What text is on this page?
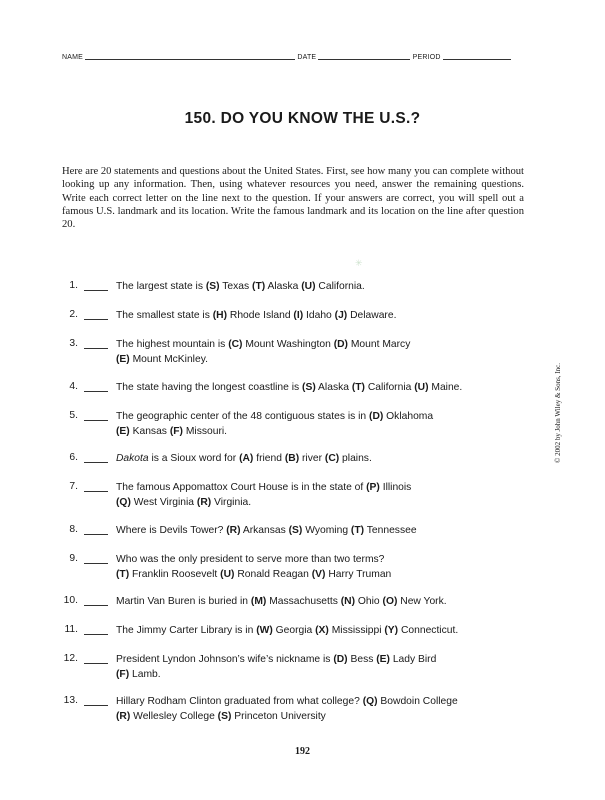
NAME	DATE	PERIOD
150. DO YOU KNOW THE U.S.?
Here are 20 statements and questions about the United States. First, see how many you can complete without looking up any information. Then, using whatever resources you need, answer the remaining questions. Write each correct letter on the line next to the question. If your answers are correct, you will spell out a famous U.S. landmark and its location. Write the famous landmark and its location on the line after question 20.
© 2002 by John Wiley & Sons, Inc.
✳
1.	The largest state is (S) Texas (T) Alaska (U) California.
2.	The smallest state is (H) Rhode Island (I) Idaho (J) Delaware.
3.	The highest mountain is (C) Mount Washington (D) Mount Marcy
(E) Mount McKinley.
4.	The state having the longest coastline is (S) Alaska (T) California (U) Maine.
5.	The geographic center of the 48 contiguous states is in (D) Oklahoma
(E) Kansas (F) Missouri.
6.	Dakota is a Sioux word for (A) friend (B) river (C) plains.
7.	The famous Appomattox Court House is in the state of (P) Illinois
(Q) West Virginia (R) Virginia.
8.	Where is Devils Tower? (R) Arkansas (S) Wyoming (T) Tennessee
9.	Who was the only president to serve more than two terms?
(T) Franklin Roosevelt (U) Ronald Reagan (V) Harry Truman
10.	Martin Van Buren is buried in (M) Massachusetts (N) Ohio (O) New York.
11.	The Jimmy Carter Library is in (W) Georgia (X) Mississippi (Y) Connecticut.
12.	President Lyndon Johnson’s wife’s nickname is (D) Bess (E) Lady Bird
(F) Lamb.
13.	Hillary Rodham Clinton graduated from what college? (Q) Bowdoin College
(R) Wellesley College (S) Princeton University
192
